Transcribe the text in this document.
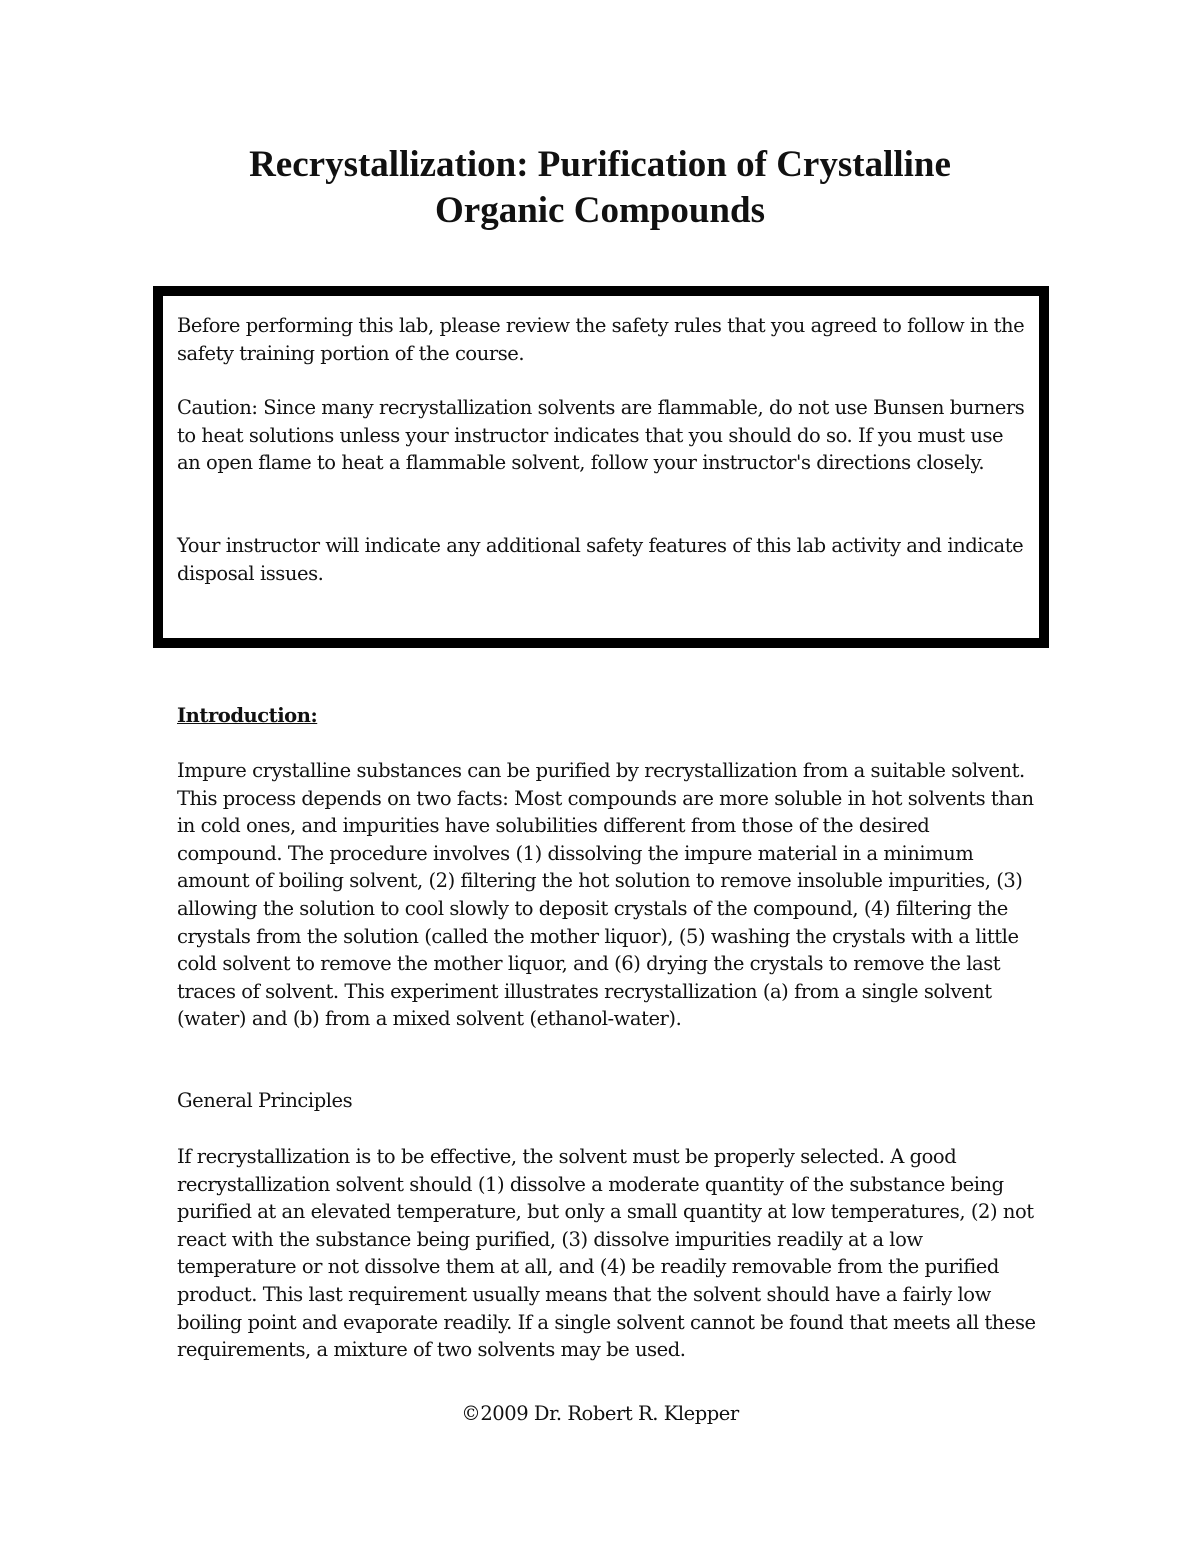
Recrystallization: Purification of Crystalline
Organic Compounds

Before performing this lab, please review the safety rules that you agreed to follow in the safety training portion of the course.

Caution: Since many recrystallization solvents are flammable, do not use Bunsen burners to heat solutions unless your instructor indicates that you should do so. If you must use an open flame to heat a flammable solvent, follow your instructor's directions closely.

Your instructor will indicate any additional safety features of this lab activity and indicate disposal issues.

Introduction:

Impure crystalline substances can be purified by recrystallization from a suitable solvent. This process depends on two facts: Most compounds are more soluble in hot solvents than in cold ones, and impurities have solubilities different from those of the desired compound. The procedure involves (1) dissolving the impure material in a minimum amount of boiling solvent, (2) filtering the hot solution to remove insoluble impurities, (3) allowing the solution to cool slowly to deposit crystals of the compound, (4) filtering the crystals from the solution (called the mother liquor), (5) washing the crystals with a little cold solvent to remove the mother liquor, and (6) drying the crystals to remove the last traces of solvent. This experiment illustrates recrystallization (a) from a single solvent (water) and (b) from a mixed solvent (ethanol-water).

General Principles

If recrystallization is to be effective, the solvent must be properly selected. A good recrystallization solvent should (1) dissolve a moderate quantity of the substance being purified at an elevated temperature, but only a small quantity at low temperatures, (2) not react with the substance being purified, (3) dissolve impurities readily at a low temperature or not dissolve them at all, and (4) be readily removable from the purified product. This last requirement usually means that the solvent should have a fairly low boiling point and evaporate readily. If a single solvent cannot be found that meets all these requirements, a mixture of two solvents may be used.

©2009 Dr. Robert R. Klepper
